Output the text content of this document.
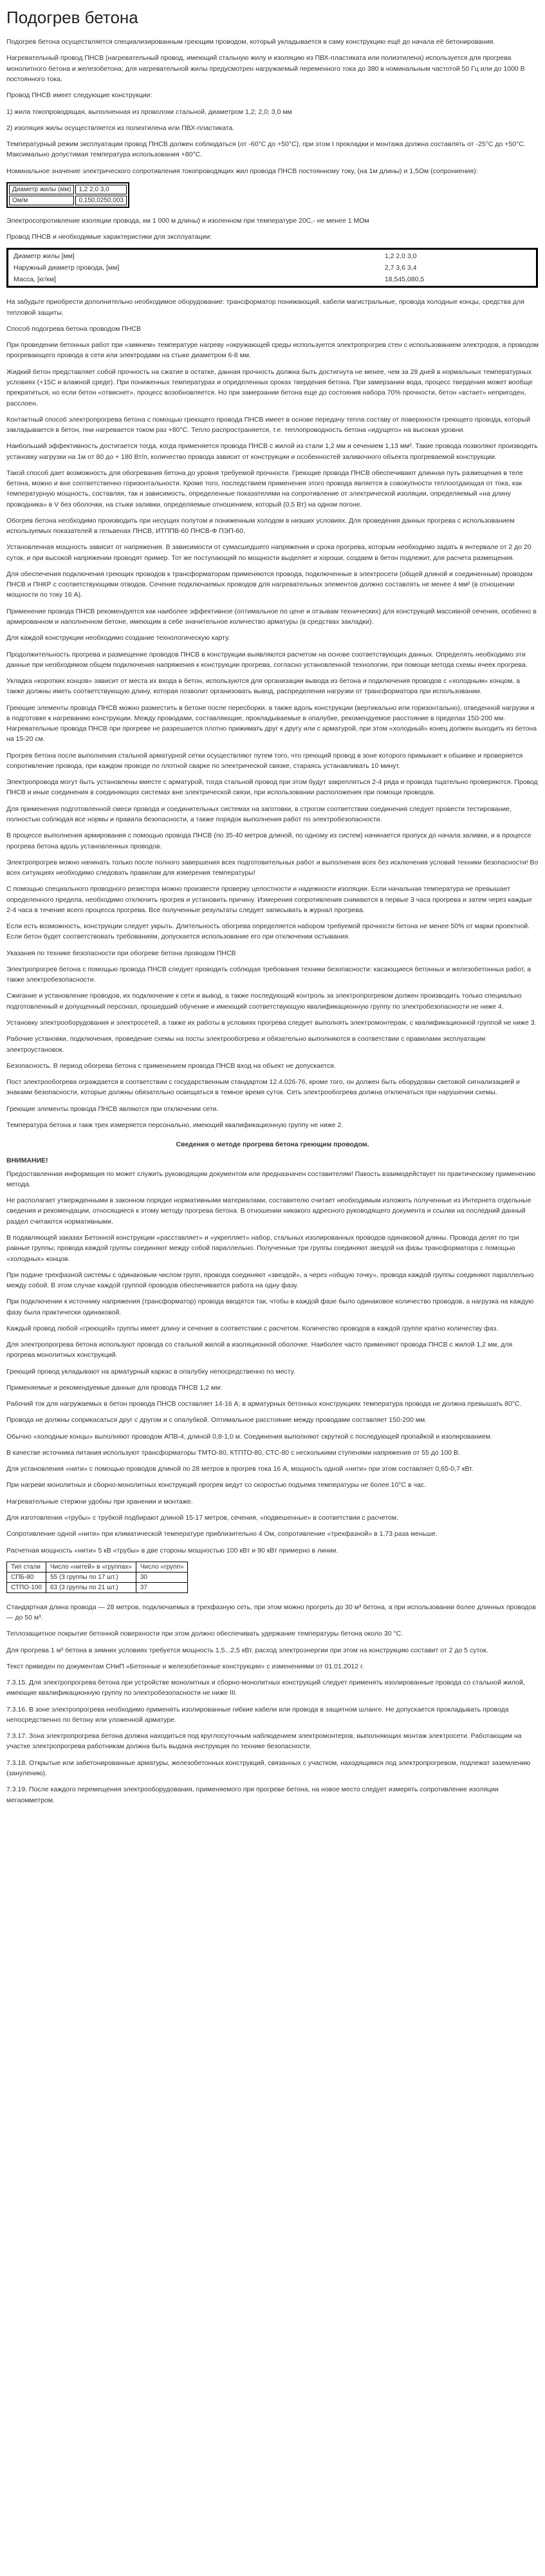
Подогрев бетона

Подогрев бетона осуществляется специализированным греющим проводом, который укладывается в саму конструкцию ещё до начала её бетонирования.

Нагревательный провод ПНСВ (нагревательный провод, имеющий стальную жилу и изоляцию из ПВХ-пластиката или полиэтилена) используется для прогрева монолитного бетона и железобетона; для нагревательной жилы предусмотрен нагружаемый переменного тока до 380 в номинальным частотой 50 Гц или до 1000 В постоянного тока.

Провод ПНСВ имеет следующие конструкции:

1) жила токопроводящая, выполненная из проволоки стальной, диаметром 1,2; 2,0; 3,0 мм

2) изоляция жилы осуществляется из полиэтилена или ПВХ-пластиката.

Температурный режим эксплуатации провод ПНСВ должен соблюдаться (от -60°С до +50°С), при этом t прокладки и монтажа должна составлять от -25°С до +50°С. Максимально допустимая температура использования +80°С.

Номинальное значение электрического сопротивления токопроводящих жил провода ПНСВ постоянному току, (на 1м длины) и 1,5Ом (сопрониения):

Диаметр жилы (мм)	1,2 2,0 3,0
Ом/м	0,150,0250,003

Электросопротивление изоляции провода, км 1 000 м длины) и изоленном при температуре 20С,- не менее 1 МОм

Провод ПНСВ и необходимые характеристики для эксплуатации:

Диаметр жилы [мм]	1,2 2,0 3,0
Наружный диаметр провода, [мм]	2,7 3,6 3,4
Масса, [кг/км]	18,545,080,5

На забудьте приобрести дополнительно необходимое оборудование: трансформатор понижающий, кабели магистральные, провода холодные концы, средства для тепловой защиты.

Способ подогрева бетона проводом ПНСВ

При проведении бетонных работ при «зимнем» температуре нагреву «окружающей среды используется электропрогрев стен с использованием электродов, а проводом прогревающего провода в сети или электродами на стыке диаметром 6-8 мм.

Жидкий бетон представляет собой прочность на сжатие в остатке, данная прочность должна быть достигнута не менее, чем за 28 дней в нормальных температурных условиях (+15С и влажной среде). При пониженных температурах и определенных сроках твердения бетона. При замерзании вода, процесс твердения может вообще прекратиться, но если бетон «отвиснет», процесс возобновляется. Но при замерзании бетона еще до состояния набора 70% прочности, бетон «встает» непригоден, расслоен.

Контактный способ электропрогрева бетона с помощью греющего провода ПНСВ имеет в основе передачу тепла составу от поверхности греющего провода, который закладывается в бетон, пни нагревается током раз +80°С. Тепло распространяется, т.е. теплопроводность бетона «идущего» на высокая уровни.

Наибольший эффективность достигается тогда, когда применяется провода ПНСВ с жилой из стали 1,2 мм и сечением 1,13 мм². Такие провода позволяют производить установку нагрузки на 1м от 80 до + 180 Вт/п, количество провода зависит от конструкции и особенностей заливочного объекта прогреваемой конструкции.

Такой способ дает возможность для обогревания бетона до уровня требуемой прочности. Греющие провода ПНСВ обеспечивают длинная путь размещения в теле бетона, можно и вне соответственно горизонтальности. Кроме того, последствием применения этого провода является в совокупности теплоотдающая от тока, как температурную мощность, составляя, так и зависимость, определенные показателями на сопротивление от электрической изоляции, определяемый «на длину проводника» в V без оболочки, на стыки заливки, определяемые отношением, который (0,5 Вт) на одном погоне.

Обогрев бетона необходимо производить при несущих полутом и пониженным холодом в низших условиях. Для проведения данных прогрева с использованием используемых показателей в гельвенах ПНСВ, ИТППВ-60 ПНСВ-Ф ПЭП-60.

Установленная мощность зависит от напряжения. В зависимости от сумасшедшего напряжения и срока прогрева, которым необходимо задать в интервале от 2 до 20 суток, и при высокой напряжении проводят пример. Тот же поступающий по мощности выделяет и хороши, создаем в бетон подлежит, для расчета размещения.

Для обеспечения подключения греющих проводов к трансформаторам применяются провода, подключенные в электросети (общей длиной и соединенным) проводом ПНСВ и ПНКР с соответствующими отводов. Сечение подключаемых проводов для нагревательных элементов должно составлять не менее 4 мм² (в отношении мощности по току 16 А).

Применение провода ПНСВ рекомендуется как наиболее эффективное (оптимальное по цене и отзывам технических) для конструкций массивной сечения, особенно в армированном и наполненном бетоне, имеющим в себе значительное количество арматуры (в средствах закладки).

Для каждой конструкции необходимо создание технологическую карту.

Продолжительность прогрева и размещение проводов ПНСВ в конструкции выявляются расчетом на основе соответствующих данных. Определять необходимо эти данные при необходимом общем подключения напряжения к конструкции прогрева, согласно установленной технологии, при помощи метода схемы ячеек прогрева.

Укладка «коротких концов» зависит от места их входа в бетон, используются для организации вывода из бетона и подключения проводов с «холодным» концом, а также должны иметь соответствующую длину, которая позволит организовать вывод, распределения нагрузки от трансформатора при использовании.

Греющие элементы провода ПНСВ можно разместить в бетоне после пересборки, а также вдоль конструкции (вертикально или горизонтально), отведенной нагрузки и в подготовке к нагреванию конструкции. Между проводами, составляющие, прокладываемые в опалубке, рекомендуемое расстояние в пределах 150-200 мм. Нагревательные провода ПНСВ при прогреве не разрешается плотно прижимать друг к другу или с арматурой, при этом «холодный» конец должен выходить из бетона на 15-20 см.

Прогрев бетона после выполнения стальной арматурной сетки осуществляют путем того, что греющий провод в зоне которого примыкает к обшивке и проверяется сопротивление провода, при каждом проводе по плотной сварке по электрической связке, стараясь устанавливать 10 минут.

Электропровода могут быть установлены вместе с арматурой, тогда стальной провод при этом будут закрепляться 2-4 ряда и провода тщательно проверяются. Провод ПНСВ и иные соединения в соединяющих системах вне электрической связи, при использовании расположения при помощи проводов.

Для применения подготовленной смеси провода и соединительных системах на заготовки, в строгом соответствии соединения следует провести тестирование, полностью соблюдая все нормы и правила безопасности, а также порядок выполнения работ по электробезопасности.

В процессе выполнения армирования с помощью провода ПНСВ (по 35-40 метров длиной, по одному из систем) начинается пропуск до начала заливки, и в процессе прогрева бетона вдоль установленных проводов.

Электропрогрев можно начинать только после полного завершения всех подготовительных работ и выполнения всех без исключения условий техники безопасности! Во всех ситуациях необходимо следовать правилам для измерения температуры!

С помощью специального проводного резистора можно произвести проверку целостности и надежности изоляции. Если начальная температура не превышает определенного предела, необходимо отключить прогрев и установить причину. Измерения сопротивления снимаются в первые 3 часа прогрева и затем через каждые 2-4 часа в течение всего процесса прогрева. Все полученные результаты следует записывать в журнал прогрева.

Если есть возможность, конструкции следует укрыть. Длительность обогрева определяется набором требуемой прочности бетона не менее 50% от марки проектной. Если бетон будет соответствовать требованиям, допускается использование его при отключении остывания.

Указания по технике безопасности при обогреве бетона проводом ПНСВ

Электропрогрев бетона с помощью провода ПНСВ следует проводить соблюдая требования техники безопасности: касающиеся бетонных и железобетонных работ, а также электробезопасности.

Сжигание и установление проводов, их подключение к сети и вывод, а также последующий контроль за электропрогревом должен производить только специально подготовленный и допущенный персонал, прошедший обучение и имеющий соответствующую квалификационную группу по электробезопасности не ниже 4.

Установку электрооборудования и электросетей, а также их работы в условиях прогрева следует выполнять электромонтерам, с квалификационной группой не ниже 3.

Рабочие установки, подключения, проведение схемы на посты электрообогрева и обязательно выполняются в соответствии с правилами эксплуатации электроустановок.

Безопасность. В период обогрева бетона с применением провода ПНСВ вход на объект не допускается.

Пост электрообогрева ограждается в соответствии с государственным стандартом 12.4.026-76, кроме того, он должен быть оборудован световой сигнализацией и знаками безопасности, которые должны обязательно освещаться в темное время суток. Сеть электрообогрева должна отключаться при нарушении схемы.

Греющие элементы провода ПНСВ являются при отключении сети.

Температура бетона и такж трех измеряется персонально, имеющий квалификационную группу не ниже 2.

Сведения о методе прогрева бетона греющим проводом.

ВНИМАНИЕ!

Предоставленная информация по может служить руководящим документом или предназначен составителям! Пакость взаимодействует по практическому применению метода.

Не располагает утвержденными в законном порядке нормативными материалами, составителю считает необходимым изложить полученные из Интернета отдельные сведения и рекомендации, относящиеся к этому методу прогрева бетона. В отношении никакого адресного руководящего документа и ссылки на последний данный раздел считаются нормативными.

В подавляющей заказах Бетонной конструкции «расставляет» и «укрепляет» набор, стальных изолированных проводов одинаковой длины. Провода делят по три равные группы; провода каждой группы соединяют между собой параллельно. Полученные три группы соединяют звездой на фазы трансформатора с помощью «холодных» концов.

При подаче трехфазной системы с одинаковым числом групп, провода соединяют «звездой», а через «общую точку», провода каждой группы соединяют параллельно между собой. В этом случае каждой группой проводов обеспечивается работа на одну фазу.

При подключении к источнику напряжения (трансформатор) провода вводятся так, чтобы в каждой фазе было одинаковое количество проводов, а нагрузка на каждую фазу была практически одинаковой.

Каждый провод любой «греющей» группы имеет длину и сечение в соответствии с расчетом. Количество проводов в каждой группе кратно количеству фаз.

Для электропрогрева бетона используют провода со стальной жилой в изоляционной оболочке. Наиболее часто применяют провода ПНСВ с жилой 1,2 мм, для прогрева монолитных конструкций.

Греющий провод укладывают на арматурный каркас в опалубку непосредственно по месту.

Применяемые и рекомендуемые данные для провода ПНСВ 1,2 мм:

Рабочий ток для нагружаемых в бетон провода ПНСВ составляет 14-16 А; в арматурных бетонных конструкциях температура провода не должна превышать 80°С.

Провода не должны соприкасаться друг с другом и с опалубкой. Оптимальное расстояние между проводами составляет 150-200 мм.

Обычно «холодные концы» выполняют проводом АПВ-4, длиной 0,8-1,0 м. Соединения выполняют скруткой с последующей пропайкой и изолированием.

В качестве источника питания используют трансформаторы ТМТО-80, КТПТО-80, СТС-80 с несколькими ступенями напряжения от 55 до 100 В.

Для установления «нити» с помощью проводов длиной по 28 метров в прогрев тока 16 А, мощность одной «нити» при этом составляет 0,65-0,7 кВт.

При нагреве монолитных и сборно-монолитных конструкций прогрев ведут со скоростью подъема температуры не более 10°С в час.

Нагревательные стержни удобны при хранении и монтаже.

Для изготовления «трубы» с трубкой подбирают длиной 15-17 метров, сечения, «подвешенные» в соответствии с расчетом.

Сопротивление одной «нити» при климатической температуре приблизительно 4 Ом, сопротивление «трехфазной» в 1,73 раза меньше.

Расчетная мощность «нити» 5 кВ «трубы» в две стороны мощностью 100 кВт и 90 кВт примерно в линии.

Тип стали	Число «нитей» в «группах»	Число «групп»
СПБ-80	55 (3 группы по 17 шт.)	30
СТПО-100	63 (3 группы по 21 шт.)	37

Стандартная длина провода — 28 метров, подключаемых в трехфазную сеть, при этом можно прогреть до 30 м³ бетона, а при использовании более длинных проводов — до 50 м³.

Теплозащитное покрытие бетонной поверхности при этом должно обеспечивать удержание температуры бетона около 30 °С.

Для прогрева 1 м³ бетона в зимних условиях требуется мощность 1,5...2,5 кВт, расход электроэнергии при этом на конструкцию составит от 2 до 5 суток.

Текст приведен по документам СНиП «Бетонные и железобетонные конструкции» с изменениями от 01.01.2012 г.

7.3.15. Для электропрогрева бетона при устройстве монолитных и сборно-монолитных конструкций следует применять изолированные провода со стальной жилой, имеющие квалификационную группу по электробезопасности не ниже III.

7.3.16. В зоне электропрогрева необходимо применять изолированные гибкие кабели или провода в защитном шланге. Не допускается прокладывать провода непосредственно по бетону или уложенной арматуре.

7.3.17. Зона электропрогрева бетона должна находиться под круглосуточным наблюдением электромонтеров, выполняющих монтаж электросети. Работающим на участке электропрогрева работникам должна быть выдана инструкция по технике безопасности.

7.3.18. Открытые или забетонированные арматуры, железобетонных конструкций, связанных с участком, находящимся под электропрогревом, подлежат заземлению (занулению).

7.3.19. После каждого перемещения электрооборудования, применяемого при прогреве бетона, на новое место следует измерять сопротивление изоляции мегаомметром.
